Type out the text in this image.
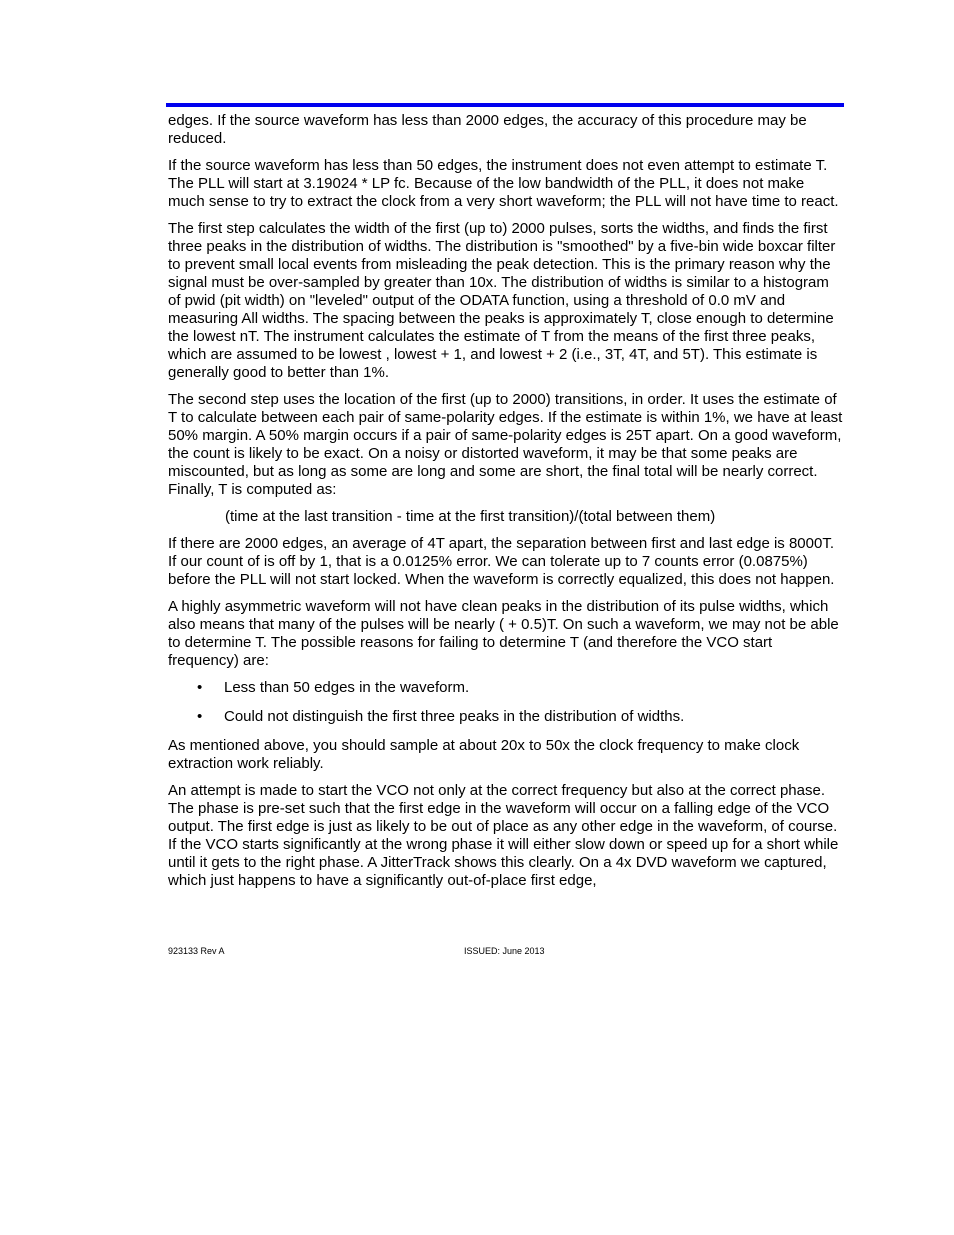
edges. If the source waveform has less than 2000 edges, the accuracy of this procedure may be reduced.

If the source waveform has less than 50 edges, the instrument does not even attempt to estimate T. The PLL will start at 3.19024 * LP fc. Because of the low bandwidth of the PLL, it does not make much sense to try to extract the clock from a very short waveform; the PLL will not have time to react.

The first step calculates the width of the first (up to) 2000 pulses, sorts the widths, and finds the first three peaks in the distribution of widths. The distribution is "smoothed" by a five-bin wide boxcar filter to prevent small local events from misleading the peak detection. This is the primary reason why the signal must be over-sampled by greater than 10x. The distribution of widths is similar to a histogram of pwid (pit width) on "leveled" output of the ODATA function, using a threshold of 0.0 mV and measuring All widths. The spacing between the peaks is approximately T, close enough to determine the lowest nT. The instrument calculates the estimate of T from the means of the first three peaks, which are assumed to be lowest , lowest + 1, and lowest + 2 (i.e., 3T, 4T, and 5T). This estimate is generally good to better than 1%.

The second step uses the location of the first (up to 2000) transitions, in order. It uses the estimate of T to calculate between each pair of same-polarity edges. If the estimate is within 1%, we have at least 50% margin. A 50% margin occurs if a pair of same-polarity edges is 25T apart. On a good waveform, the count is likely to be exact. On a noisy or distorted waveform, it may be that some peaks are miscounted, but as long as some are long and some are short, the final total will be nearly correct. Finally, T is computed as:

(time at the last transition - time at the first transition)/(total between them)

If there are 2000 edges, an average of 4T apart, the separation between first and last edge is 8000T. If our count of is off by 1, that is a 0.0125% error. We can tolerate up to 7 counts error (0.0875%) before the PLL will not start locked. When the waveform is correctly equalized, this does not happen.

A highly asymmetric waveform will not have clean peaks in the distribution of its pulse widths, which also means that many of the pulses will be nearly ( + 0.5)T. On such a waveform, we may not be able to determine T. The possible reasons for failing to determine T (and therefore the VCO start frequency) are:

• Less than 50 edges in the waveform.
• Could not distinguish the first three peaks in the distribution of widths.

As mentioned above, you should sample at about 20x to 50x the clock frequency to make clock extraction work reliably.

An attempt is made to start the VCO not only at the correct frequency but also at the correct phase. The phase is pre-set such that the first edge in the waveform will occur on a falling edge of the VCO output. The first edge is just as likely to be out of place as any other edge in the waveform, of course. If the VCO starts significantly at the wrong phase it will either slow down or speed up for a short while until it gets to the right phase. A JitterTrack shows this clearly. On a 4x DVD waveform we captured, which just happens to have a significantly out-of-place first edge,

923133 Rev A	ISSUED: June 2013
